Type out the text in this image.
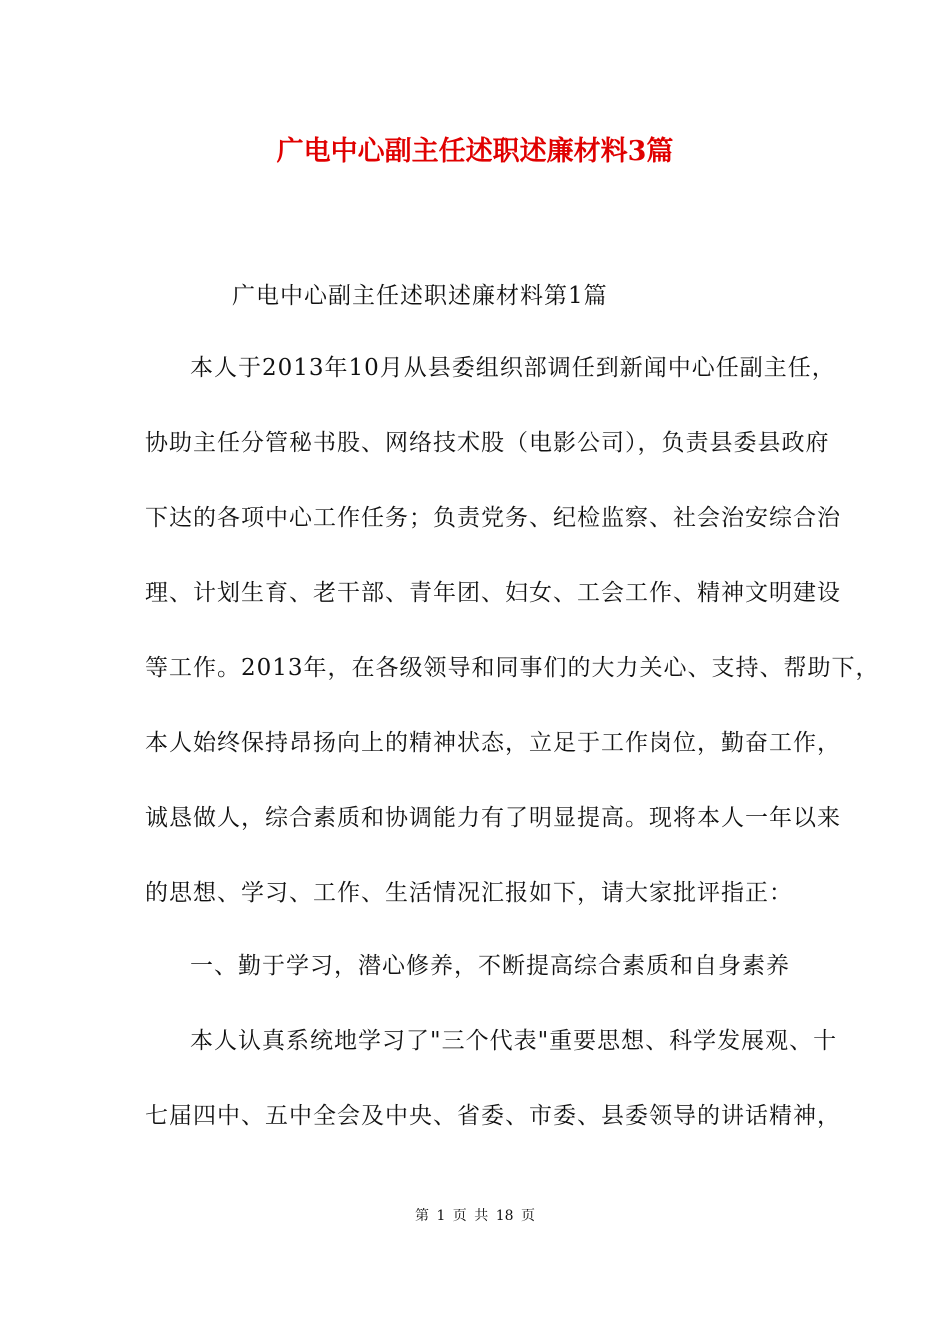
广电中心副主任述职述廉材料3篇
广电中心副主任述职述廉材料第1篇
本人于2013年10月从县委组织部调任到新闻中心任副主任，
协助主任分管秘书股、网络技术股（电影公司），负责县委县政府
下达的各项中心工作任务；负责党务、纪检监察、社会治安综合治
理、计划生育、老干部、青年团、妇女、工会工作、精神文明建设
等工作。2013年，在各级领导和同事们的大力关心、支持、帮助下，
本人始终保持昂扬向上的精神状态，立足于工作岗位，勤奋工作，
诚恳做人，综合素质和协调能力有了明显提高。现将本人一年以来
的思想、学习、工作、生活情况汇报如下，请大家批评指正：
一、勤于学习，潜心修养，不断提高综合素质和自身素养
本人认真系统地学习了"三个代表"重要思想、科学发展观、十
七届四中、五中全会及中央、省委、市委、县委领导的讲话精神，
第 1 页 共 18 页
